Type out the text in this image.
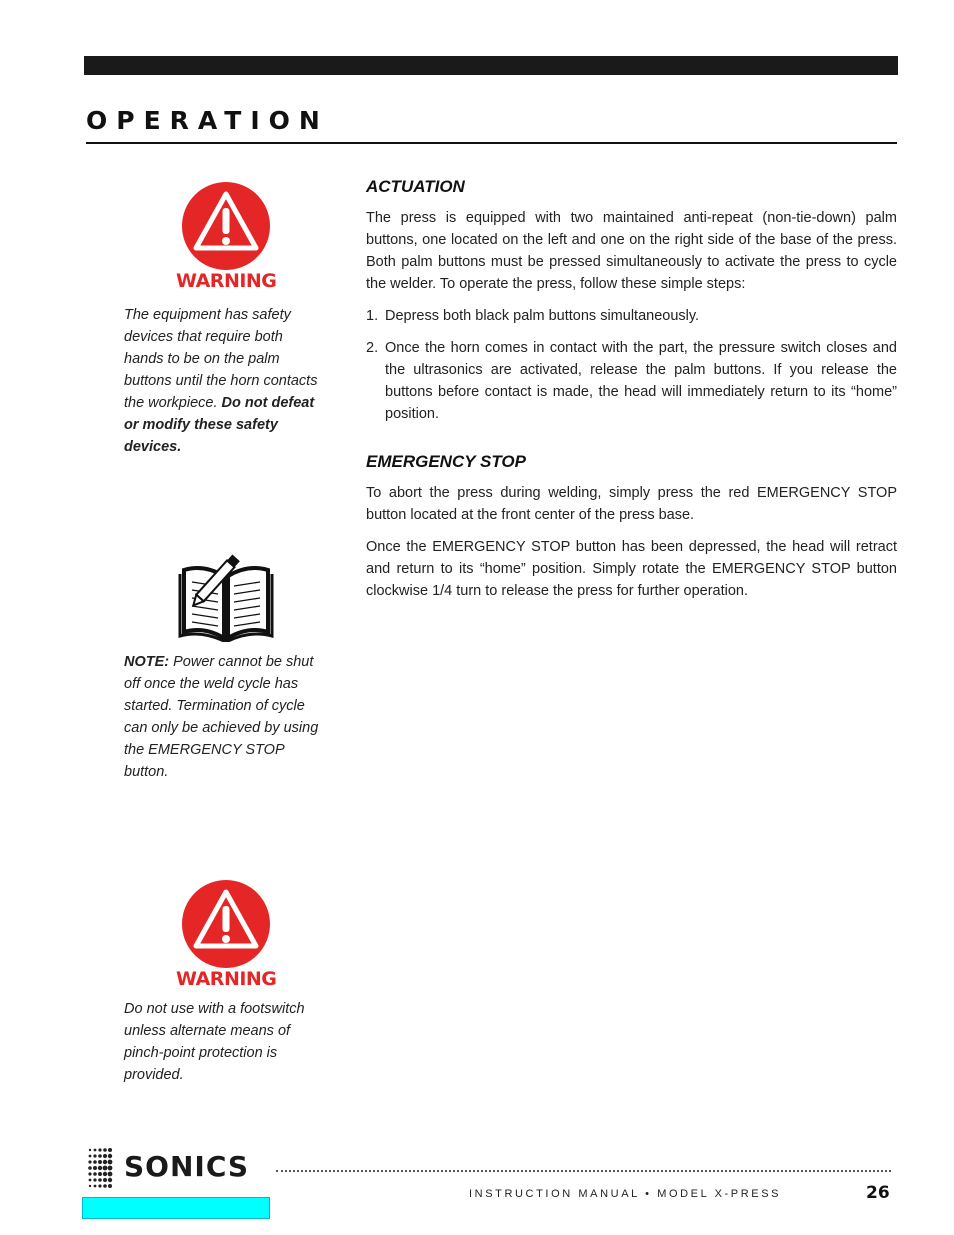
OPERATION
WARNING
The equipment has safety devices that require both hands to be on the palm buttons until the horn contacts the workpiece. Do not defeat or modify these safety devices.
NOTE: Power cannot be shut off once the weld cycle has started. Termination of cycle can only be achieved by using the EMERGENCY STOP button.
WARNING
Do not use with a footswitch unless alternate means of pinch-point protection is provided.
ACTUATION

The press is equipped with two maintained anti-repeat (non-tie-down) palm buttons, one located on the left and one on the right side of the base of the press. Both palm buttons must be pressed simultaneously to activate the press to cycle the welder. To operate the press, follow these simple steps:

1. Depress both black palm buttons simultaneously.
2. Once the horn comes in contact with the part, the pressure switch closes and the ultrasonics are activated, release the palm buttons. If you release the buttons before contact is made, the head will immediately return to its “home” position.
EMERGENCY STOP

To abort the press during welding, simply press the red EMERGENCY STOP button located at the front center of the press base.

Once the EMERGENCY STOP button has been depressed, the head will retract and return to its “home” position. Simply rotate the EMERGENCY STOP button clockwise 1/4 turn to release the press for further operation.

SONICS
INSTRUCTION MANUAL • MODEL X-PRESS	26
